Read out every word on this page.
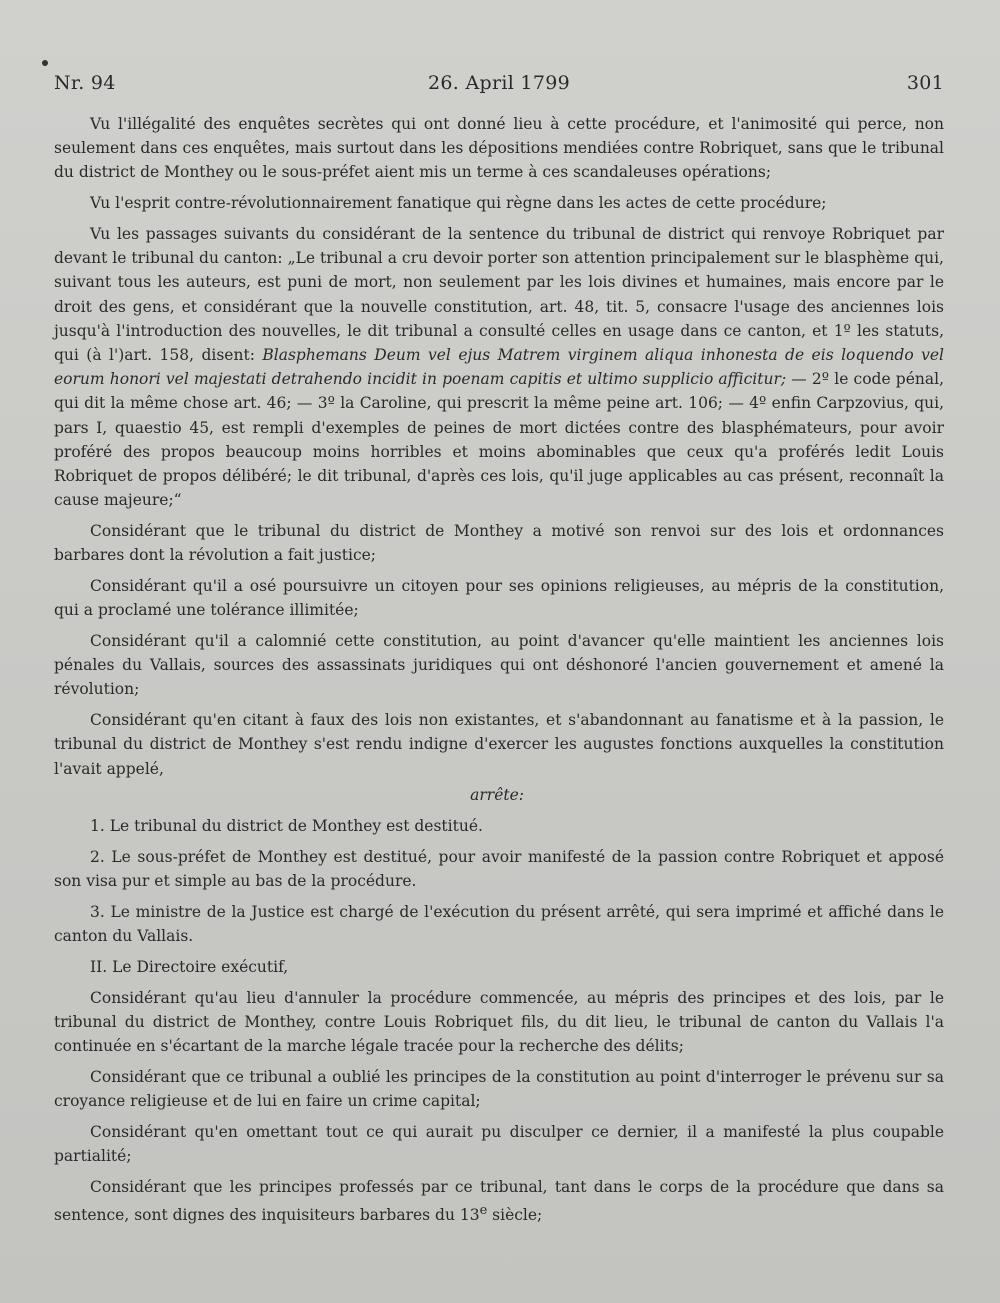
Nr. 94	26. April 1799	301

Vu l'illégalité des enquêtes secrètes qui ont donné lieu à cette procédure, et l'animosité qui perce, non seulement dans ces enquêtes, mais surtout dans les dépositions mendiées contre Robriquet, sans que le tribunal du district de Monthey ou le sous-préfet aient mis un terme à ces scandaleuses opérations;

Vu l'esprit contre-révolutionnairement fanatique qui règne dans les actes de cette procédure;

Vu les passages suivants du considérant de la sentence du tribunal de district qui renvoye Robriquet par devant le tribunal du canton: „Le tribunal a cru devoir porter son attention principalement sur le blasphème qui, suivant tous les auteurs, est puni de mort, non seulement par les lois divines et humaines, mais encore par le droit des gens, et considérant que la nouvelle constitution, art. 48, tit. 5, consacre l'usage des anciennes lois jusqu'à l'introduction des nouvelles, le dit tribunal a consulté celles en usage dans ce canton, et 1º les statuts, qui (à l')art. 158, disent: Blasphemans Deum vel ejus Matrem virginem aliqua inhonesta de eis loquendo vel eorum honori vel majestati detrahendo incidit in poenam capitis et ultimo supplicio afficitur; — 2º le code pénal, qui dit la même chose art. 46; — 3º la Caroline, qui prescrit la même peine art. 106; — 4º enfin Carpzovius, qui, pars I, quaestio 45, est rempli d'exemples de peines de mort dictées contre des blasphémateurs, pour avoir proféré des propos beaucoup moins horribles et moins abominables que ceux qu'a proférés ledit Louis Robriquet de propos délibéré; le dit tribunal, d'après ces lois, qu'il juge applicables au cas présent, reconnaît la cause majeure;“

Considérant que le tribunal du district de Monthey a motivé son renvoi sur des lois et ordonnances barbares dont la révolution a fait justice;

Considérant qu'il a osé poursuivre un citoyen pour ses opinions religieuses, au mépris de la constitution, qui a proclamé une tolérance illimitée;

Considérant qu'il a calomnié cette constitution, au point d'avancer qu'elle maintient les anciennes lois pénales du Vallais, sources des assassinats juridiques qui ont déshonoré l'ancien gouvernement et amené la révolution;

Considérant qu'en citant à faux des lois non existantes, et s'abandonnant au fanatisme et à la passion, le tribunal du district de Monthey s'est rendu indigne d'exercer les augustes fonctions auxquelles la constitution l'avait appelé,

arrête:

1. Le tribunal du district de Monthey est destitué.

2. Le sous-préfet de Monthey est destitué, pour avoir manifesté de la passion contre Robriquet et apposé son visa pur et simple au bas de la procédure.

3. Le ministre de la Justice est chargé de l'exécution du présent arrêté, qui sera imprimé et affiché dans le canton du Vallais.

II. Le Directoire exécutif,

Considérant qu'au lieu d'annuler la procédure commencée, au mépris des principes et des lois, par le tribunal du district de Monthey, contre Louis Robriquet fils, du dit lieu, le tribunal de canton du Vallais l'a continuée en s'écartant de la marche légale tracée pour la recherche des délits;

Considérant que ce tribunal a oublié les principes de la constitution au point d'interroger le prévenu sur sa croyance religieuse et de lui en faire un crime capital;

Considérant qu'en omettant tout ce qui aurait pu disculper ce dernier, il a manifesté la plus coupable partialité;

Considérant que les principes professés par ce tribunal, tant dans le corps de la procédure que dans sa sentence, sont dignes des inquisiteurs barbares du 13e siècle;
